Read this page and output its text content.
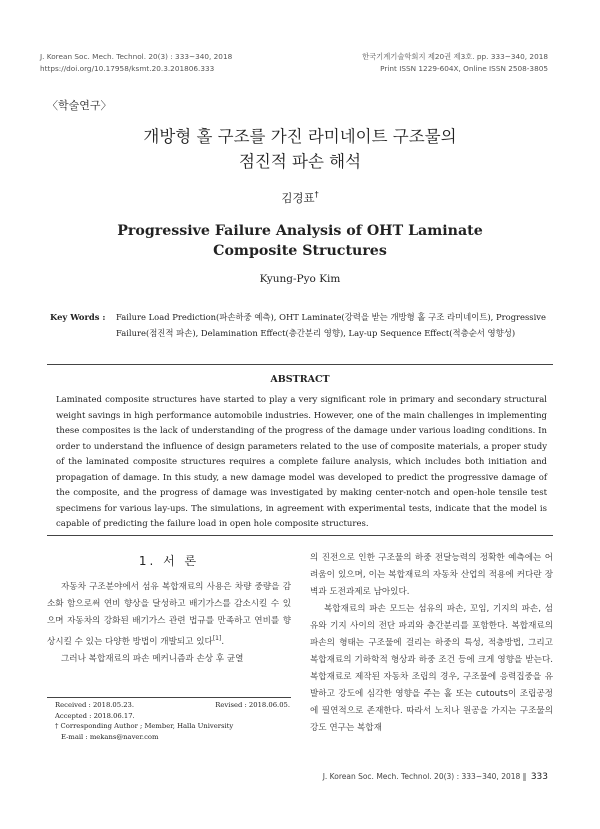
J. Korean Soc. Mech. Technol. 20(3) : 333~340, 2018
https://doi.org/10.17958/ksmt.20.3.201806.333
한국기계기술학회지 제20권 제3호. pp. 333~340, 2018
Print ISSN 1229-604X, Online ISSN 2508-3805
〈학술연구〉
개방형 홀 구조를 가진 라미네이트 구조물의
점진적 파손 해석
김경표†
Progressive Failure Analysis of OHT Laminate
Composite Structures
Kyung-Pyo Kim
Key Words : Failure Load Prediction(파손하중 예측), OHT Laminate(강력을 받는 개방형 홀 구조 라미네이트), Progressive Failure(점진적 파손), Delamination Effect(층간분리 영향), Lay-up Sequence Effect(적층순서 영향성)
ABSTRACT
Laminated composite structures have started to play a very significant role in primary and secondary structural weight savings in high performance automobile industries. However, one of the main challenges in implementing these composites is the lack of understanding of the progress of the damage under various loading conditions. In order to understand the influence of design parameters related to the use of composite materials, a proper study of the laminated composite structures requires a complete failure analysis, which includes both initiation and propagation of damage. In this study, a new damage model was developed to predict the progressive damage of the composite, and the progress of damage was investigated by making center-notch and open-hole tensile test specimens for various lay-ups. The simulations, in agreement with experimental tests, indicate that the model is capable of predicting the failure load in open hole composite structures.
1. 서 론

자동차 구조분야에서 섬유 복합재료의 사용은 차량 중량을 감소화 함으로써 연비 향상을 달성하고 배기가스를 감소시킬 수 있으며 자동차의 강화된 배기가스 관련 법규를 만족하고 연비를 향상시킬 수 있는 다양한 방법이 개발되고 있다[1].

그러나 복합재료의 파손 메커니즘과 손상 후 균열

Received : 2018.05.23.	Revised : 2018.06.05.
Accepted : 2018.06.17.
† Corresponding Author ; Member, Halla University
E-mail : mekans@naver.com

의 진전으로 인한 구조물의 하중 전달능력의 정확한 예측에는 어려움이 있으며, 이는 복합재료의 자동차 산업의 적용에 커다란 장벽과 도전과제로 남아있다.

복합재료의 파손 모드는 섬유의 파손, 꼬임, 기지의 파손, 섬유와 기지 사이의 전단 파괴와 층간분리를 포함한다. 복합재료의 파손의 형태는 구조물에 걸리는 하중의 특성, 적층방법, 그리고 복합재료의 기하학적 형상과 하중 조건 등에 크게 영향을 받는다. 복합재료로 제작된 자동차 조립의 경우, 구조물에 응력집중을 유발하고 강도에 심각한 영향을 주는 홀 또는 cutouts이 조립공정에 필연적으로 존재한다. 따라서 노치나 원공을 가지는 구조물의 강도 연구는 복합재

J. Korean Soc. Mech. Technol. 20(3) : 333~340, 2018 ‖ 333
